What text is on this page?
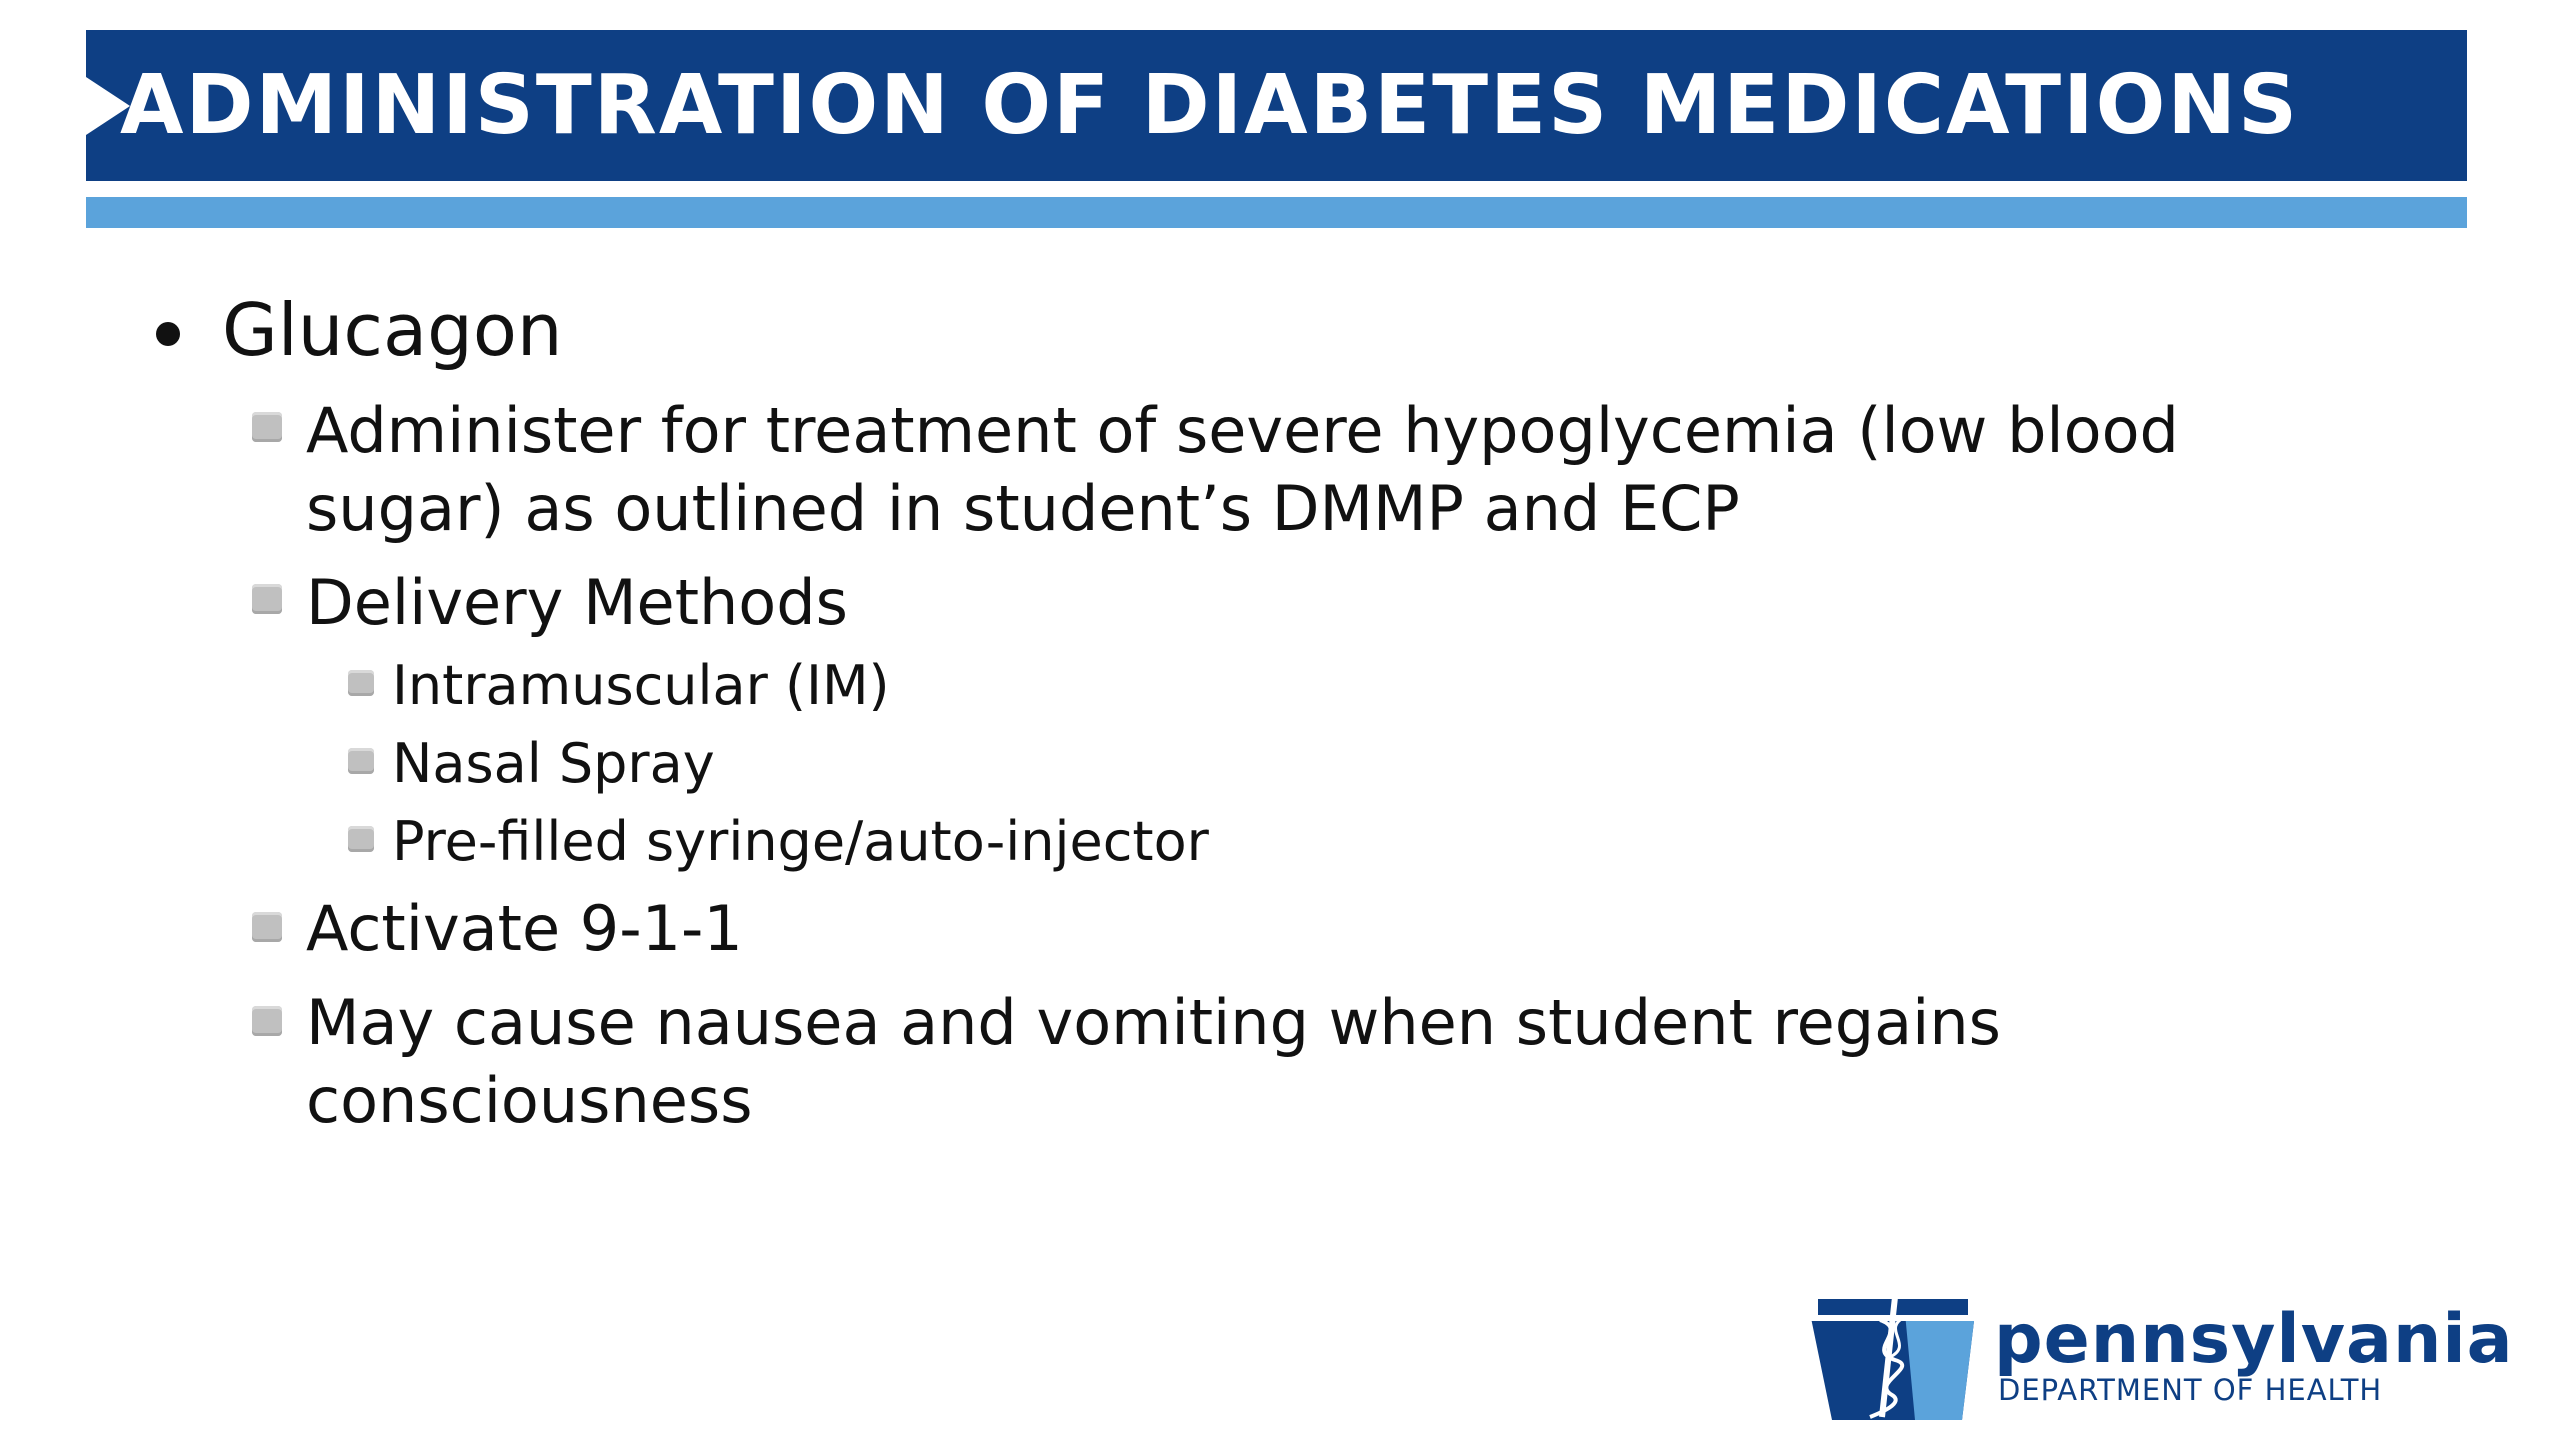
ADMINISTRATION OF DIABETES MEDICATIONS
Glucagon
Administer for treatment of severe hypoglycemia (low blood
sugar) as outlined in student’s DMMP and ECP
Delivery Methods
Intramuscular (IM)
Nasal Spray
Pre-filled syringe/auto-injector
Activate 9-1-1
May cause nausea and vomiting when student regains
consciousness
pennsylvania
DEPARTMENT OF HEALTH
